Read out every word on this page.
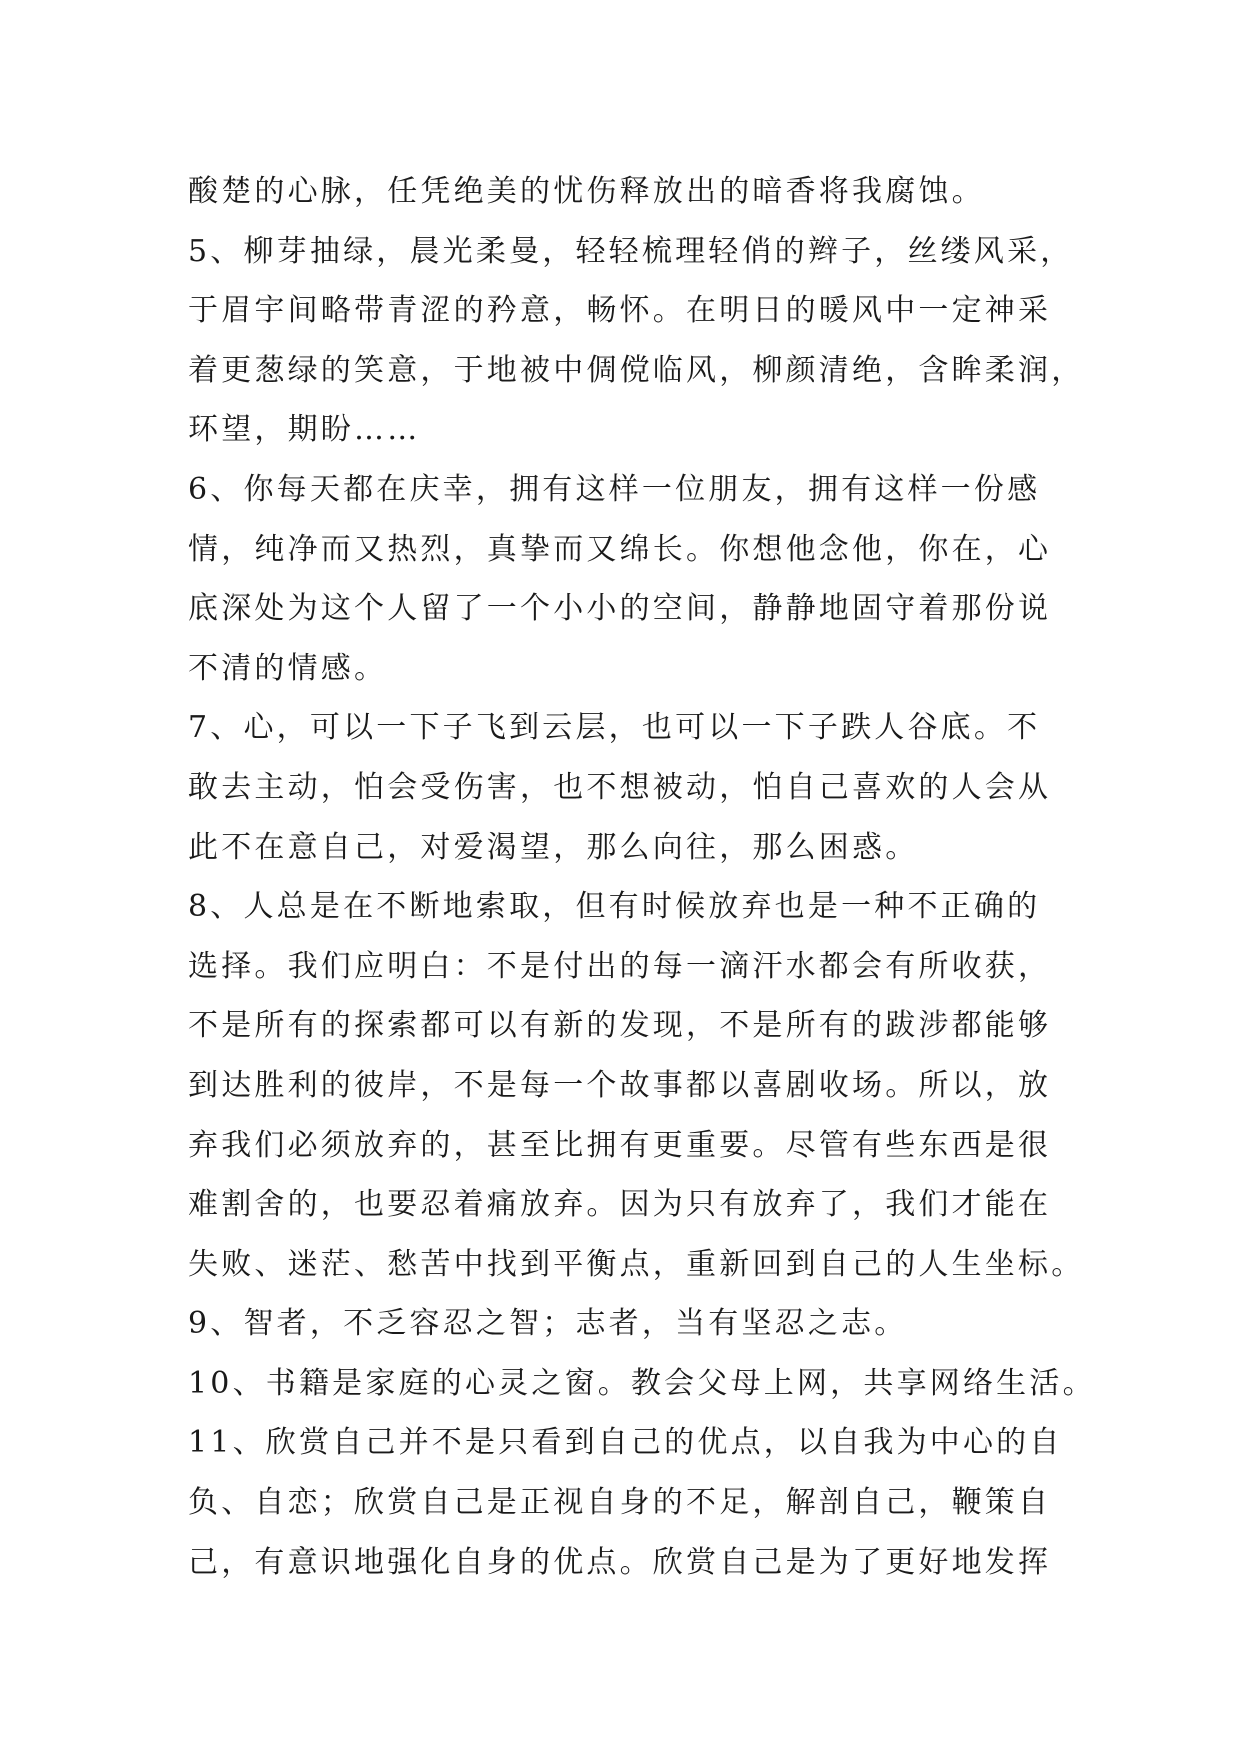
酸楚的心脉，任凭绝美的忧伤释放出的暗香将我腐蚀。
5、柳芽抽绿，晨光柔曼，轻轻梳理轻俏的辫子，丝缕风采，
于眉宇间略带青涩的矜意，畅怀。在明日的暖风中一定神采
着更葱绿的笑意，于地被中倜傥临风，柳颜清绝，含眸柔润，
环望，期盼……
6、你每天都在庆幸，拥有这样一位朋友，拥有这样一份感
情，纯净而又热烈，真挚而又绵长。你想他念他，你在，心
底深处为这个人留了一个小小的空间，静静地固守着那份说
不清的情感。
7、心，可以一下子飞到云层，也可以一下子跌人谷底。不
敢去主动，怕会受伤害，也不想被动，怕自己喜欢的人会从
此不在意自己，对爱渴望，那么向往，那么困惑。
8、人总是在不断地索取，但有时候放弃也是一种不正确的
选择。我们应明白：不是付出的每一滴汗水都会有所收获，
不是所有的探索都可以有新的发现，不是所有的跋涉都能够
到达胜利的彼岸，不是每一个故事都以喜剧收场。所以，放
弃我们必须放弃的，甚至比拥有更重要。尽管有些东西是很
难割舍的，也要忍着痛放弃。因为只有放弃了，我们才能在
失败、迷茫、愁苦中找到平衡点，重新回到自己的人生坐标。
9、智者，不乏容忍之智；志者，当有坚忍之志。
10、书籍是家庭的心灵之窗。教会父母上网，共享网络生活。
11、欣赏自己并不是只看到自己的优点，以自我为中心的自
负、自恋；欣赏自己是正视自身的不足，解剖自己，鞭策自
己，有意识地强化自身的优点。欣赏自己是为了更好地发挥
